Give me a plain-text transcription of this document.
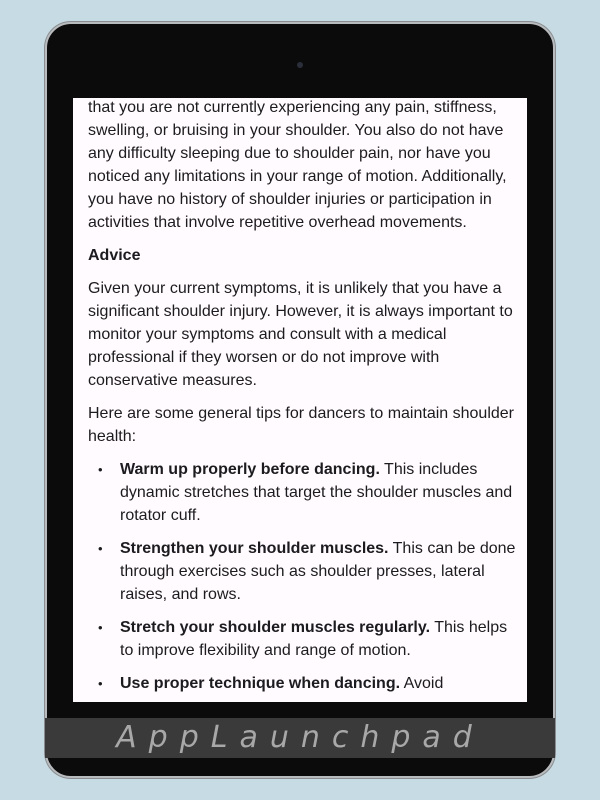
that you are not currently experiencing any pain, stiffness, swelling, or bruising in your shoulder. You also do not have any difficulty sleeping due to shoulder pain, nor have you noticed any limitations in your range of motion. Additionally, you have no history of shoulder injuries or participation in activities that involve repetitive overhead movements.

Advice

Given your current symptoms, it is unlikely that you have a significant shoulder injury. However, it is always important to monitor your symptoms and consult with a medical professional if they worsen or do not improve with conservative measures.

Here are some general tips for dancers to maintain shoulder health:

• Warm up properly before dancing. This includes dynamic stretches that target the shoulder muscles and rotator cuff.
• Strengthen your shoulder muscles. This can be done through exercises such as shoulder presses, lateral raises, and rows.
• Stretch your shoulder muscles regularly. This helps to improve flexibility and range of motion.
• Use proper technique when dancing. Avoid
AppLaunchpad
